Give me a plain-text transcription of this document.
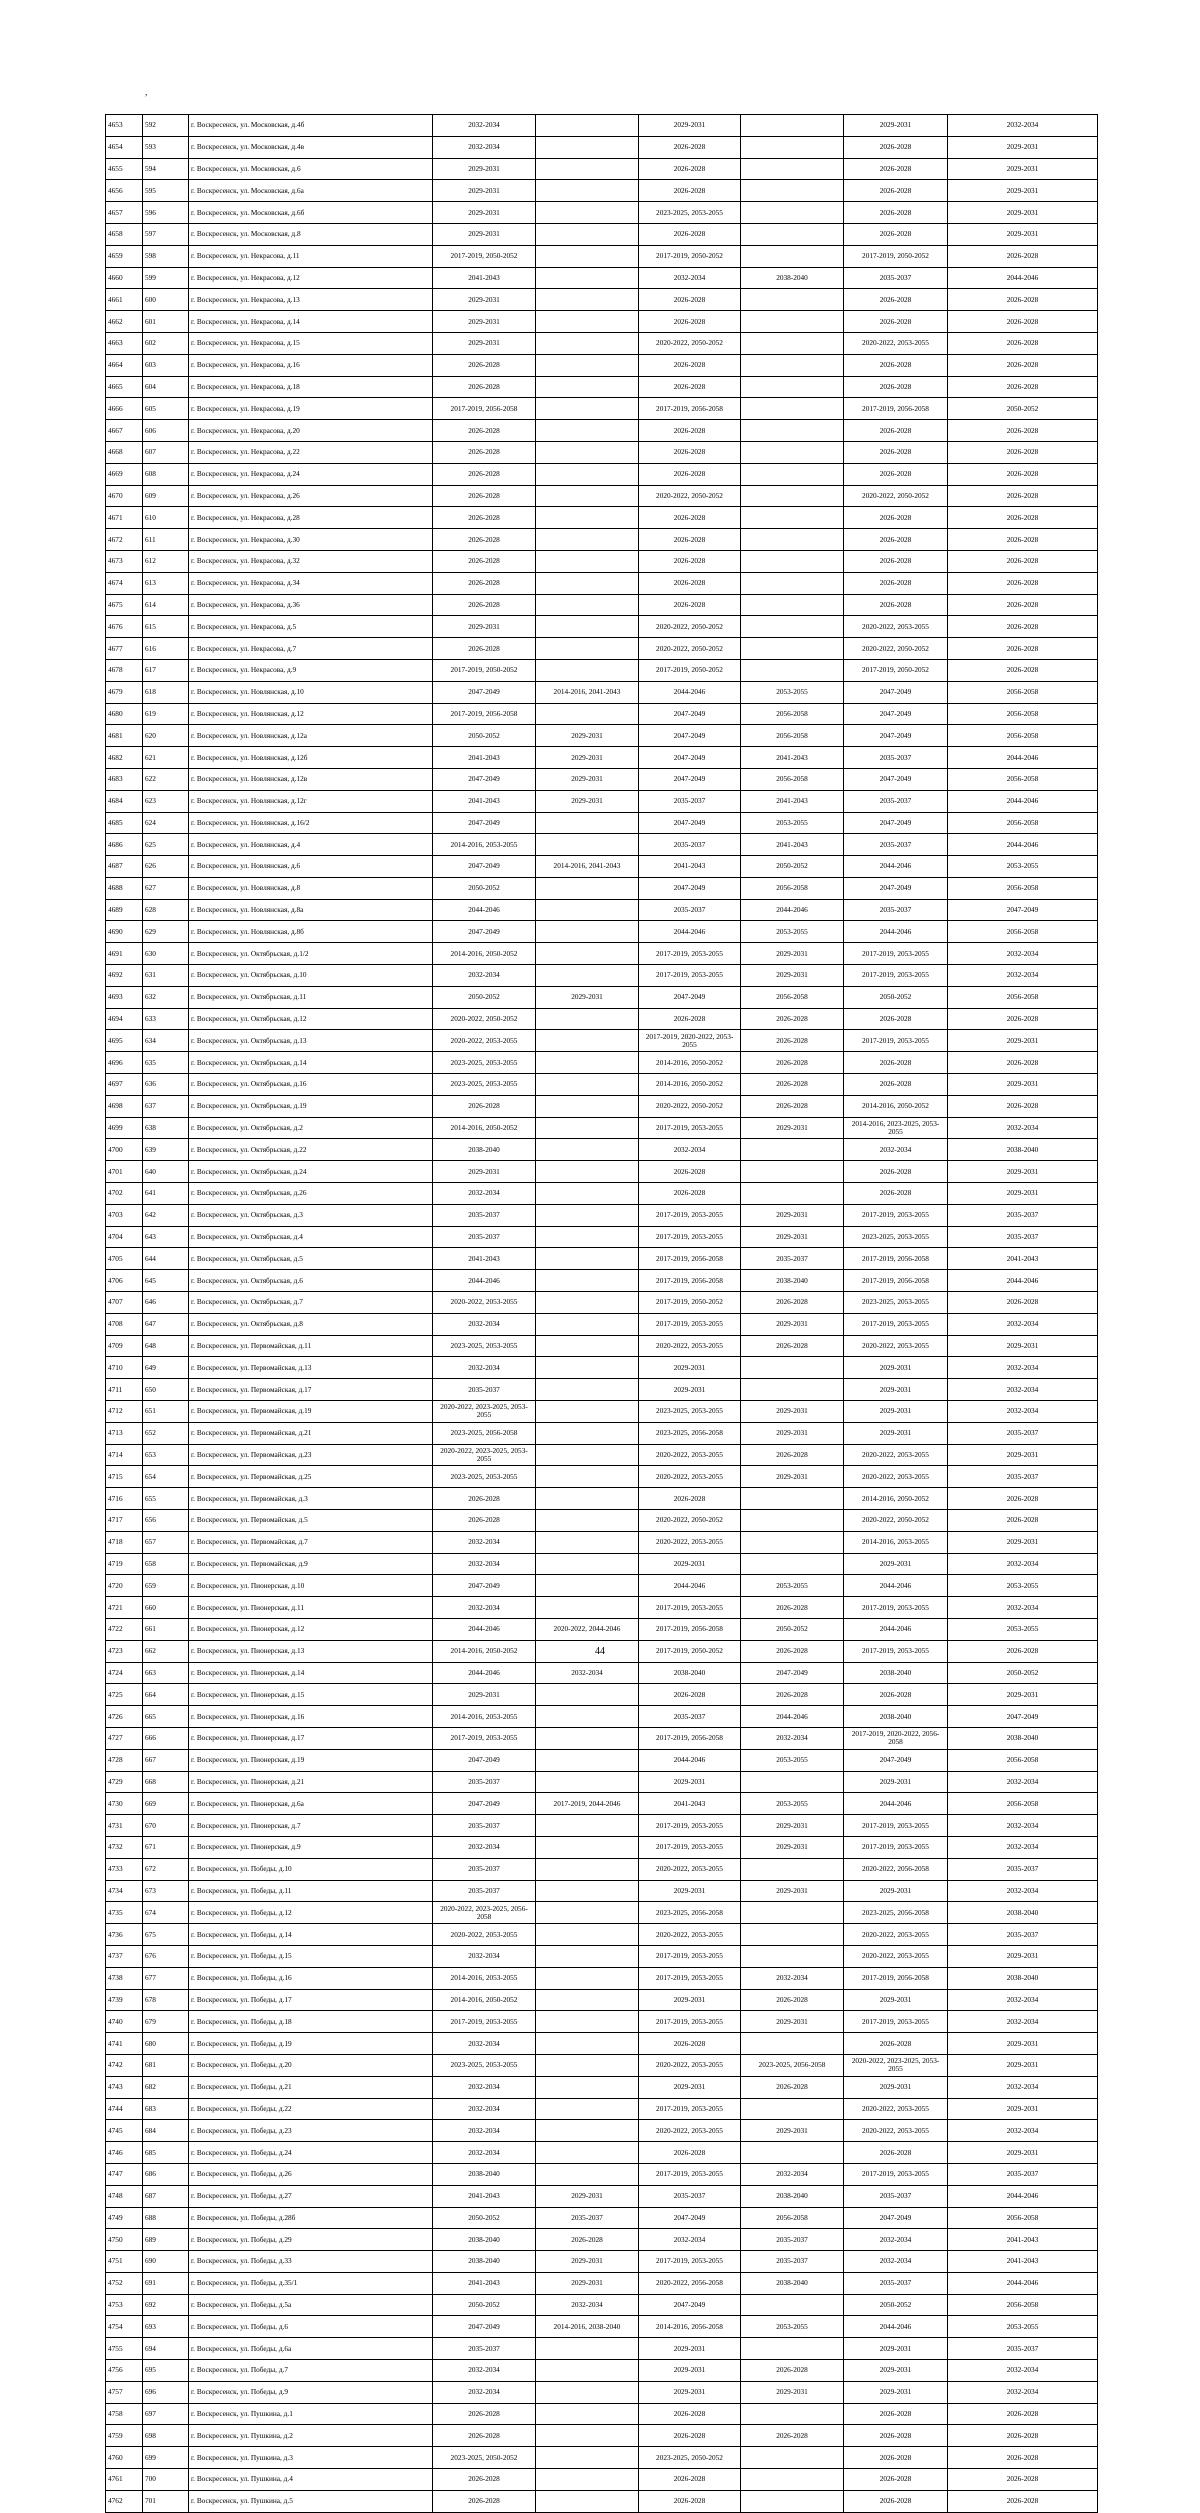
,
4653	592	г. Воскресенск, ул. Московская, д.4б	2032-2034		2029-2031		2029-2031	2032-2034
4654	593	г. Воскресенск, ул. Московская, д.4в	2032-2034		2026-2028		2026-2028	2029-2031
4655	594	г. Воскресенск, ул. Московская, д.6	2029-2031		2026-2028		2026-2028	2029-2031
4656	595	г. Воскресенск, ул. Московская, д.6а	2029-2031		2026-2028		2026-2028	2029-2031
4657	596	г. Воскресенск, ул. Московская, д.6б	2029-2031		2023-2025, 2053-2055		2026-2028	2029-2031
4658	597	г. Воскресенск, ул. Московская, д.8	2029-2031		2026-2028		2026-2028	2029-2031
4659	598	г. Воскресенск, ул. Некрасова, д.11	2017-2019, 2050-2052		2017-2019, 2050-2052		2017-2019, 2050-2052	2026-2028
4660	599	г. Воскресенск, ул. Некрасова, д.12	2041-2043		2032-2034	2038-2040	2035-2037	2044-2046
4661	600	г. Воскресенск, ул. Некрасова, д.13	2029-2031		2026-2028		2026-2028	2026-2028
4662	601	г. Воскресенск, ул. Некрасова, д.14	2029-2031		2026-2028		2026-2028	2026-2028
4663	602	г. Воскресенск, ул. Некрасова, д.15	2029-2031		2020-2022, 2050-2052		2020-2022, 2053-2055	2026-2028
4664	603	г. Воскресенск, ул. Некрасова, д.16	2026-2028		2026-2028		2026-2028	2026-2028
4665	604	г. Воскресенск, ул. Некрасова, д.18	2026-2028		2026-2028		2026-2028	2026-2028
4666	605	г. Воскресенск, ул. Некрасова, д.19	2017-2019, 2056-2058		2017-2019, 2056-2058		2017-2019, 2056-2058	2050-2052
4667	606	г. Воскресенск, ул. Некрасова, д.20	2026-2028		2026-2028		2026-2028	2026-2028
4668	607	г. Воскресенск, ул. Некрасова, д.22	2026-2028		2026-2028		2026-2028	2026-2028
4669	608	г. Воскресенск, ул. Некрасова, д.24	2026-2028		2026-2028		2026-2028	2026-2028
4670	609	г. Воскресенск, ул. Некрасова, д.26	2026-2028		2020-2022, 2050-2052		2020-2022, 2050-2052	2026-2028
4671	610	г. Воскресенск, ул. Некрасова, д.28	2026-2028		2026-2028		2026-2028	2026-2028
4672	611	г. Воскресенск, ул. Некрасова, д.30	2026-2028		2026-2028		2026-2028	2026-2028
4673	612	г. Воскресенск, ул. Некрасова, д.32	2026-2028		2026-2028		2026-2028	2026-2028
4674	613	г. Воскресенск, ул. Некрасова, д.34	2026-2028		2026-2028		2026-2028	2026-2028
4675	614	г. Воскресенск, ул. Некрасова, д.36	2026-2028		2026-2028		2026-2028	2026-2028
4676	615	г. Воскресенск, ул. Некрасова, д.5	2029-2031		2020-2022, 2050-2052		2020-2022, 2053-2055	2026-2028
4677	616	г. Воскресенск, ул. Некрасова, д.7	2026-2028		2020-2022, 2050-2052		2020-2022, 2050-2052	2026-2028
4678	617	г. Воскресенск, ул. Некрасова, д.9	2017-2019, 2050-2052		2017-2019, 2050-2052		2017-2019, 2050-2052	2026-2028
4679	618	г. Воскресенск, ул. Новлянская, д.10	2047-2049	2014-2016, 2041-2043	2044-2046	2053-2055	2047-2049	2056-2058
4680	619	г. Воскресенск, ул. Новлянская, д.12	2017-2019, 2056-2058		2047-2049	2056-2058	2047-2049	2056-2058
4681	620	г. Воскресенск, ул. Новлянская, д.12а	2050-2052	2029-2031	2047-2049	2056-2058	2047-2049	2056-2058
4682	621	г. Воскресенск, ул. Новлянская, д.12б	2041-2043	2029-2031	2047-2049	2041-2043	2035-2037	2044-2046
4683	622	г. Воскресенск, ул. Новлянская, д.12в	2047-2049	2029-2031	2047-2049	2056-2058	2047-2049	2056-2058
4684	623	г. Воскресенск, ул. Новлянская, д.12г	2041-2043	2029-2031	2035-2037	2041-2043	2035-2037	2044-2046
4685	624	г. Воскресенск, ул. Новлянская, д.16/2	2047-2049		2047-2049	2053-2055	2047-2049	2056-2058
4686	625	г. Воскресенск, ул. Новлянская, д.4	2014-2016, 2053-2055		2035-2037	2041-2043	2035-2037	2044-2046
4687	626	г. Воскресенск, ул. Новлянская, д.6	2047-2049	2014-2016, 2041-2043	2041-2043	2050-2052	2044-2046	2053-2055
4688	627	г. Воскресенск, ул. Новлянская, д.8	2050-2052		2047-2049	2056-2058	2047-2049	2056-2058
4689	628	г. Воскресенск, ул. Новлянская, д.8а	2044-2046		2035-2037	2044-2046	2035-2037	2047-2049
4690	629	г. Воскресенск, ул. Новлянская, д.8б	2047-2049		2044-2046	2053-2055	2044-2046	2056-2058
4691	630	г. Воскресенск, ул. Октябрьская, д.1/2	2014-2016, 2050-2052		2017-2019, 2053-2055	2029-2031	2017-2019, 2053-2055	2032-2034
4692	631	г. Воскресенск, ул. Октябрьская, д.10	2032-2034		2017-2019, 2053-2055	2029-2031	2017-2019, 2053-2055	2032-2034
4693	632	г. Воскресенск, ул. Октябрьская, д.11	2050-2052	2029-2031	2047-2049	2056-2058	2050-2052	2056-2058
4694	633	г. Воскресенск, ул. Октябрьская, д.12	2020-2022, 2050-2052		2026-2028	2026-2028	2026-2028	2026-2028
4695	634	г. Воскресенск, ул. Октябрьская, д.13	2020-2022, 2053-2055		2017-2019, 2020-2022, 2053-2055	2026-2028	2017-2019, 2053-2055	2029-2031
4696	635	г. Воскресенск, ул. Октябрьская, д.14	2023-2025, 2053-2055		2014-2016, 2050-2052	2026-2028	2026-2028	2026-2028
4697	636	г. Воскресенск, ул. Октябрьская, д.16	2023-2025, 2053-2055		2014-2016, 2050-2052	2026-2028	2026-2028	2029-2031
4698	637	г. Воскресенск, ул. Октябрьская, д.19	2026-2028		2020-2022, 2050-2052	2026-2028	2014-2016, 2050-2052	2026-2028
4699	638	г. Воскресенск, ул. Октябрьская, д.2	2014-2016, 2050-2052		2017-2019, 2053-2055	2029-2031	2014-2016, 2023-2025, 2053-2055	2032-2034
4700	639	г. Воскресенск, ул. Октябрьская, д.22	2038-2040		2032-2034		2032-2034	2038-2040
4701	640	г. Воскресенск, ул. Октябрьская, д.24	2029-2031		2026-2028		2026-2028	2029-2031
4702	641	г. Воскресенск, ул. Октябрьская, д.26	2032-2034		2026-2028		2026-2028	2029-2031
4703	642	г. Воскресенск, ул. Октябрьская, д.3	2035-2037		2017-2019, 2053-2055	2029-2031	2017-2019, 2053-2055	2035-2037
4704	643	г. Воскресенск, ул. Октябрьская, д.4	2035-2037		2017-2019, 2053-2055	2029-2031	2023-2025, 2053-2055	2035-2037
4705	644	г. Воскресенск, ул. Октябрьская, д.5	2041-2043		2017-2019, 2056-2058	2035-2037	2017-2019, 2056-2058	2041-2043
4706	645	г. Воскресенск, ул. Октябрьская, д.6	2044-2046		2017-2019, 2056-2058	2038-2040	2017-2019, 2056-2058	2044-2046
4707	646	г. Воскресенск, ул. Октябрьская, д.7	2020-2022, 2053-2055		2017-2019, 2050-2052	2026-2028	2023-2025, 2053-2055	2026-2028
4708	647	г. Воскресенск, ул. Октябрьская, д.8	2032-2034		2017-2019, 2053-2055	2029-2031	2017-2019, 2053-2055	2032-2034
4709	648	г. Воскресенск, ул. Первомайская, д.11	2023-2025, 2053-2055		2020-2022, 2053-2055	2026-2028	2020-2022, 2053-2055	2029-2031
4710	649	г. Воскресенск, ул. Первомайская, д.13	2032-2034		2029-2031		2029-2031	2032-2034
4711	650	г. Воскресенск, ул. Первомайская, д.17	2035-2037		2029-2031		2029-2031	2032-2034
4712	651	г. Воскресенск, ул. Первомайская, д.19	2020-2022, 2023-2025, 2053-2055		2023-2025, 2053-2055	2029-2031	2029-2031	2032-2034
4713	652	г. Воскресенск, ул. Первомайская, д.21	2023-2025, 2056-2058		2023-2025, 2056-2058	2029-2031	2029-2031	2035-2037
4714	653	г. Воскресенск, ул. Первомайская, д.23	2020-2022, 2023-2025, 2053-2055		2020-2022, 2053-2055	2026-2028	2020-2022, 2053-2055	2029-2031
4715	654	г. Воскресенск, ул. Первомайская, д.25	2023-2025, 2053-2055		2020-2022, 2053-2055	2029-2031	2020-2022, 2053-2055	2035-2037
4716	655	г. Воскресенск, ул. Первомайская, д.3	2026-2028		2026-2028		2014-2016, 2050-2052	2026-2028
4717	656	г. Воскресенск, ул. Первомайская, д.5	2026-2028		2020-2022, 2050-2052		2020-2022, 2050-2052	2026-2028
4718	657	г. Воскресенск, ул. Первомайская, д.7	2032-2034		2020-2022, 2053-2055		2014-2016, 2053-2055	2029-2031
4719	658	г. Воскресенск, ул. Первомайская, д.9	2032-2034		2029-2031		2029-2031	2032-2034
4720	659	г. Воскресенск, ул. Пионерская, д.10	2047-2049		2044-2046	2053-2055	2044-2046	2053-2055
4721	660	г. Воскресенск, ул. Пионерская, д.11	2032-2034		2017-2019, 2053-2055	2026-2028	2017-2019, 2053-2055	2032-2034
4722	661	г. Воскресенск, ул. Пионерская, д.12	2044-2046	2020-2022, 2044-2046	2017-2019, 2056-2058	2050-2052	2044-2046	2053-2055
4723	662	г. Воскресенск, ул. Пионерская, д.13	2014-2016, 2050-2052		2017-2019, 2050-2052	2026-2028	2017-2019, 2053-2055	2026-2028
4724	663	г. Воскресенск, ул. Пионерская, д.14	2044-2046	2032-2034	2038-2040	2047-2049	2038-2040	2050-2052
4725	664	г. Воскресенск, ул. Пионерская, д.15	2029-2031		2026-2028	2026-2028	2026-2028	2029-2031
4726	665	г. Воскресенск, ул. Пионерская, д.16	2014-2016, 2053-2055		2035-2037	2044-2046	2038-2040	2047-2049
4727	666	г. Воскресенск, ул. Пионерская, д.17	2017-2019, 2053-2055		2017-2019, 2056-2058	2032-2034	2017-2019, 2020-2022, 2056-2058	2038-2040
4728	667	г. Воскресенск, ул. Пионерская, д.19	2047-2049		2044-2046	2053-2055	2047-2049	2056-2058
4729	668	г. Воскресенск, ул. Пионерская, д.21	2035-2037		2029-2031		2029-2031	2032-2034
4730	669	г. Воскресенск, ул. Пионерская, д.6а	2047-2049	2017-2019, 2044-2046	2041-2043	2053-2055	2044-2046	2056-2058
4731	670	г. Воскресенск, ул. Пионерская, д.7	2035-2037		2017-2019, 2053-2055	2029-2031	2017-2019, 2053-2055	2032-2034
4732	671	г. Воскресенск, ул. Пионерская, д.9	2032-2034		2017-2019, 2053-2055	2029-2031	2017-2019, 2053-2055	2032-2034
4733	672	г. Воскресенск, ул. Победы, д.10	2035-2037		2020-2022, 2053-2055		2020-2022, 2056-2058	2035-2037
4734	673	г. Воскресенск, ул. Победы, д.11	2035-2037		2029-2031	2029-2031	2029-2031	2032-2034
4735	674	г. Воскресенск, ул. Победы, д.12	2020-2022, 2023-2025, 2056-2058		2023-2025, 2056-2058		2023-2025, 2056-2058	2038-2040
4736	675	г. Воскресенск, ул. Победы, д.14	2020-2022, 2053-2055		2020-2022, 2053-2055		2020-2022, 2053-2055	2035-2037
4737	676	г. Воскресенск, ул. Победы, д.15	2032-2034		2017-2019, 2053-2055		2020-2022, 2053-2055	2029-2031
4738	677	г. Воскресенск, ул. Победы, д.16	2014-2016, 2053-2055		2017-2019, 2053-2055	2032-2034	2017-2019, 2056-2058	2038-2040
4739	678	г. Воскресенск, ул. Победы, д.17	2014-2016, 2050-2052		2029-2031	2026-2028	2029-2031	2032-2034
4740	679	г. Воскресенск, ул. Победы, д.18	2017-2019, 2053-2055		2017-2019, 2053-2055	2029-2031	2017-2019, 2053-2055	2032-2034
4741	680	г. Воскресенск, ул. Победы, д.19	2032-2034		2026-2028		2026-2028	2029-2031
4742	681	г. Воскресенск, ул. Победы, д.20	2023-2025, 2053-2055		2020-2022, 2053-2055	2023-2025, 2056-2058	2020-2022, 2023-2025, 2053-2055	2029-2031
4743	682	г. Воскресенск, ул. Победы, д.21	2032-2034		2029-2031	2026-2028	2029-2031	2032-2034
4744	683	г. Воскресенск, ул. Победы, д.22	2032-2034		2017-2019, 2053-2055		2020-2022, 2053-2055	2029-2031
4745	684	г. Воскресенск, ул. Победы, д.23	2032-2034		2020-2022, 2053-2055	2029-2031	2020-2022, 2053-2055	2032-2034
4746	685	г. Воскресенск, ул. Победы, д.24	2032-2034		2026-2028		2026-2028	2029-2031
4747	686	г. Воскресенск, ул. Победы, д.26	2038-2040		2017-2019, 2053-2055	2032-2034	2017-2019, 2053-2055	2035-2037
4748	687	г. Воскресенск, ул. Победы, д.27	2041-2043	2029-2031	2035-2037	2038-2040	2035-2037	2044-2046
4749	688	г. Воскресенск, ул. Победы, д.28б	2050-2052	2035-2037	2047-2049	2056-2058	2047-2049	2056-2058
4750	689	г. Воскресенск, ул. Победы, д.29	2038-2040	2026-2028	2032-2034	2035-2037	2032-2034	2041-2043
4751	690	г. Воскресенск, ул. Победы, д.33	2038-2040	2029-2031	2017-2019, 2053-2055	2035-2037	2032-2034	2041-2043
4752	691	г. Воскресенск, ул. Победы, д.35/1	2041-2043	2029-2031	2020-2022, 2056-2058	2038-2040	2035-2037	2044-2046
4753	692	г. Воскресенск, ул. Победы, д.5а	2050-2052	2032-2034	2047-2049		2050-2052	2056-2058
4754	693	г. Воскресенск, ул. Победы, д.6	2047-2049	2014-2016, 2038-2040	2014-2016, 2056-2058	2053-2055	2044-2046	2053-2055
4755	694	г. Воскресенск, ул. Победы, д.6а	2035-2037		2029-2031		2029-2031	2035-2037
4756	695	г. Воскресенск, ул. Победы, д.7	2032-2034		2029-2031	2026-2028	2029-2031	2032-2034
4757	696	г. Воскресенск, ул. Победы, д.9	2032-2034		2029-2031	2029-2031	2029-2031	2032-2034
4758	697	г. Воскресенск, ул. Пушкина, д.1	2026-2028		2026-2028		2026-2028	2026-2028
4759	698	г. Воскресенск, ул. Пушкина, д.2	2026-2028		2026-2028	2026-2028	2026-2028	2026-2028
4760	699	г. Воскресенск, ул. Пушкина, д.3	2023-2025, 2050-2052		2023-2025, 2050-2052		2026-2028	2026-2028
4761	700	г. Воскресенск, ул. Пушкина, д.4	2026-2028		2026-2028		2026-2028	2026-2028
4762	701	г. Воскресенск, ул. Пушкина, д.5	2026-2028		2026-2028		2026-2028	2026-2028
44
